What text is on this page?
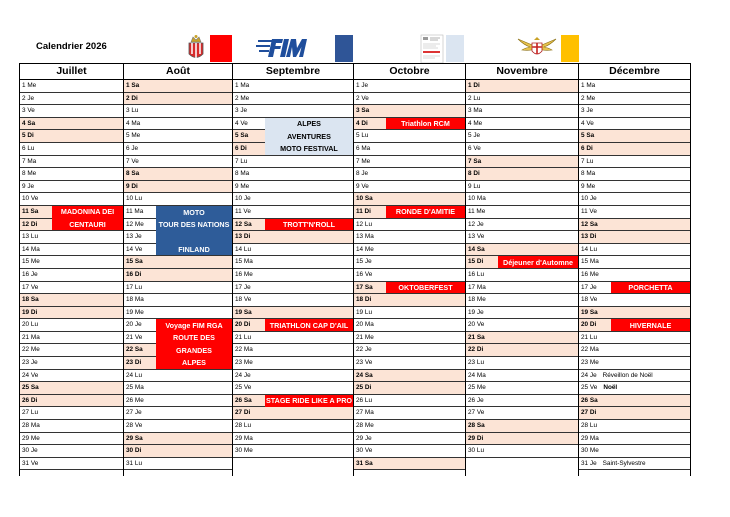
Calendrier 2026
Juillet
1 Me
2 Je
3 Ve
4 Sa
5 Di
6 Lu
7 Ma
8 Me
9 Je
10 Ve
11 Sa
12 Di
13 Lu
14 Ma
15 Me
16 Je
17 Ve
18 Sa
19 Di
20 Lu
21 Ma
22 Me
23 Je
24 Ve
25 Sa
26 Di
27 Lu
28 Ma
29 Me
30 Je
31 Ve
MADONINA DEI
CENTAURI
Août
1 Sa
2 Di
3 Lu
4 Ma
5 Me
6 Je
7 Ve
8 Sa
9 Di
10 Lu
11 Ma
12 Me
13 Je
14 Ve
15 Sa
16 Di
17 Lu
18 Ma
19 Me
20 Je
21 Ve
22 Sa
23 Di
24 Lu
25 Ma
26 Me
27 Je
28 Ve
29 Sa
30 Di
31 Lu
MOTO
TOUR DES NATIONS

FINLAND
Voyage FIM RGA
ROUTE DES
GRANDES
ALPES
Septembre
1 Ma
2 Me
3 Je
4 Ve
5 Sa
6 Di
7 Lu
8 Ma
9 Me
10 Je
11 Ve
12 Sa
13 Di
14 Lu
15 Ma
16 Me
17 Je
18 Ve
19 Sa
20 Di
21 Lu
22 Ma
23 Me
24 Je
25 Ve
26 Sa
27 Di
28 Lu
29 Ma
30 Me
ALPES
AVENTURES
MOTO FESTIVAL
TROTT'N'ROLL
TRIATHLON CAP D'AIL
STAGE RIDE LIKE A PRO
Octobre
1 Je
2 Ve
3 Sa
4 Di
5 Lu
6 Ma
7 Me
8 Je
9 Ve
10 Sa
11 Di
12 Lu
13 Ma
14 Me
15 Je
16 Ve
17 Sa
18 Di
19 Lu
20 Ma
21 Me
22 Je
23 Ve
24 Sa
25 Di
26 Lu
27 Ma
28 Me
29 Je
30 Ve
31 Sa
Triathlon RCM
RONDE D'AMITIE
OKTOBERFEST
Novembre
1 Di
2 Lu
3 Ma
4 Me
5 Je
6 Ve
7 Sa
8 Di
9 Lu
10 Ma
11 Me
12 Je
13 Ve
14 Sa
15 Di
16 Lu
17 Ma
18 Me
19 Je
20 Ve
21 Sa
22 Di
23 Lu
24 Ma
25 Me
26 Je
27 Ve
28 Sa
29 Di
30 Lu
Déjeuner d'Automne
Décembre
1 Ma
2 Me
3 Je
4 Ve
5 Sa
6 Di
7 Lu
8 Ma
9 Me
10 Je
11 Ve
12 Sa
13 Di
14 Lu
15 Ma
16 Me
17 Je
18 Ve
19 Sa
20 Di
21 Lu
22 Ma
23 Me
24 Je Réveillon de Noël
25 Ve Noël
26 Sa
27 Di
28 Lu
29 Ma
30 Me
31 Je Saint-Sylvestre
PORCHETTA
HIVERNALE
